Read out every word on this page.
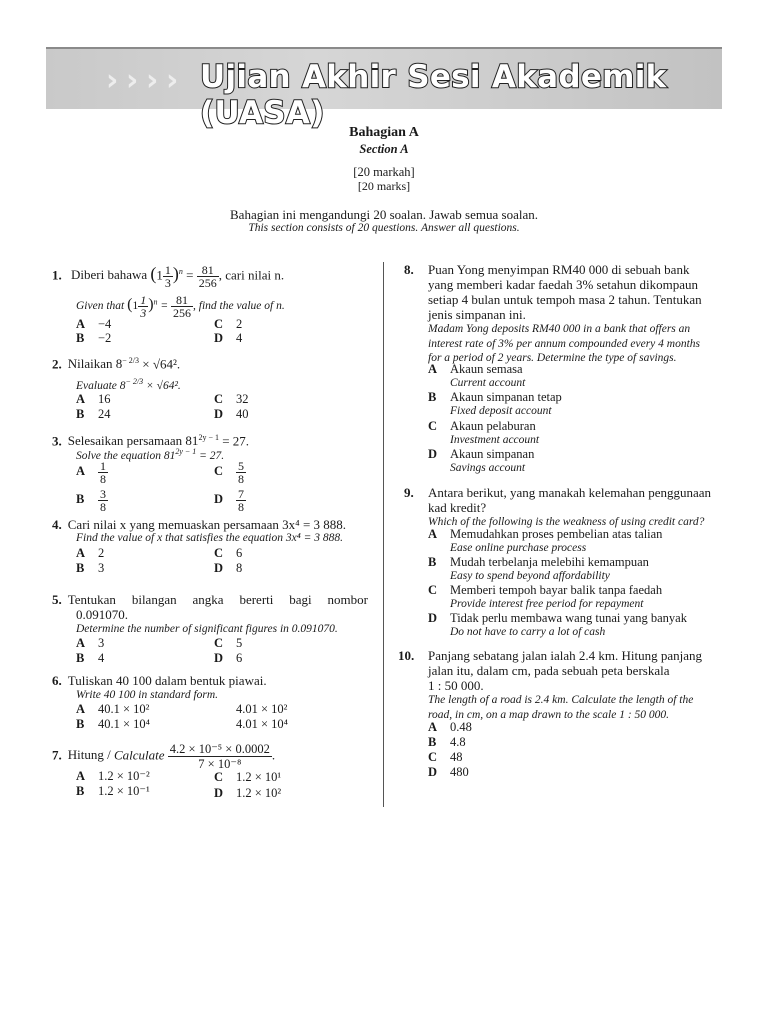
› › › › Ujian Akhir Sesi Akademik (UASA)
Bahagian A
Section A
[20 markah]
[20 marks]
Bahagian ini mengandungi 20 soalan. Jawab semua soalan.
This section consists of 20 questions. Answer all questions.
1. Diberi bahawa $(1 \frac{1}{3} )^n = \frac{81}{256}$ , cari nilai n.
Given that $(1 \frac{1}{3} )^n = \frac{81}{256}$ , find the value of n.
A −4	C 2
B −2	D 4
2. Nilaikan $8^{- 2/3} \times √64^2$.
Evaluate $8^{- 2/3} \times √64^2$.
A 16	C 32
B 24	D 40
3. Selesaikan persamaan $81^{2y - 1} = 27$.
Solve the equation $81^{2y - 1} = 27$.
A $\frac{1}{8}$	C $\frac{5}{8}$
B $\frac{3}{8}$	D $\frac{7}{8}$
4. Cari nilai x yang memuaskan persamaan 3x⁴ = 3 888.
Find the value of x that satisfies the equation 3x⁴ = 3 888.
A 2	C 6
B 3	D 8
5. Tentukan bilangan angka bererti bagi nombor
0.091070.
Determine the number of significant figures in 0.091070.
A 3	C 5
B 4	D 6
6. Tuliskan 40 100 dalam bentuk piawai.
Write 40 100 in standard form.
A 40.1 × 10²	4.01 × 10²
B 40.1 × 10⁴	4.01 × 10⁴
7. Hitung / Calculate $\frac{\text{4.2 × 10⁻⁵ × 0.0002}}{\text{7 × 10⁻⁸}}$ .
A 1.2 × 10⁻²	C 1.2 × 10¹
B 1.2 × 10⁻¹	D 1.2 × 10²
8. Puan Yong menyimpan RM40 000 di sebuah bank
yang memberi kadar faedah 3% setahun dikompaun
setiap 4 bulan untuk tempoh masa 2 tahun. Tentukan
jenis simpanan ini.
Madam Yong deposits RM40 000 in a bank that offers an
interest rate of 3% per annum compounded every 4 months
for a period of 2 years. Determine the type of savings.
A Akaun semasa
Current account
B Akaun simpanan tetap
Fixed deposit account
C Akaun pelaburan
Investment account
D Akaun simpanan
Savings account
9. Antara berikut, yang manakah kelemahan penggunaan
kad kredit?
Which of the following is the weakness of using credit card?
A Memudahkan proses pembelian atas talian
Ease online purchase process
B Mudah terbelanja melebihi kemampuan
Easy to spend beyond affordability
C Memberi tempoh bayar balik tanpa faedah
Provide interest free period for repayment
D Tidak perlu membawa wang tunai yang banyak
Do not have to carry a lot of cash
10. Panjang sebatang jalan ialah 2.4 km. Hitung panjang
jalan itu, dalam cm, pada sebuah peta berskala
1 : 50 000.
The length of a road is 2.4 km. Calculate the length of the
road, in cm, on a map drawn to the scale 1 : 50 000.
A 0.48
B 4.8
C 48
D 480
